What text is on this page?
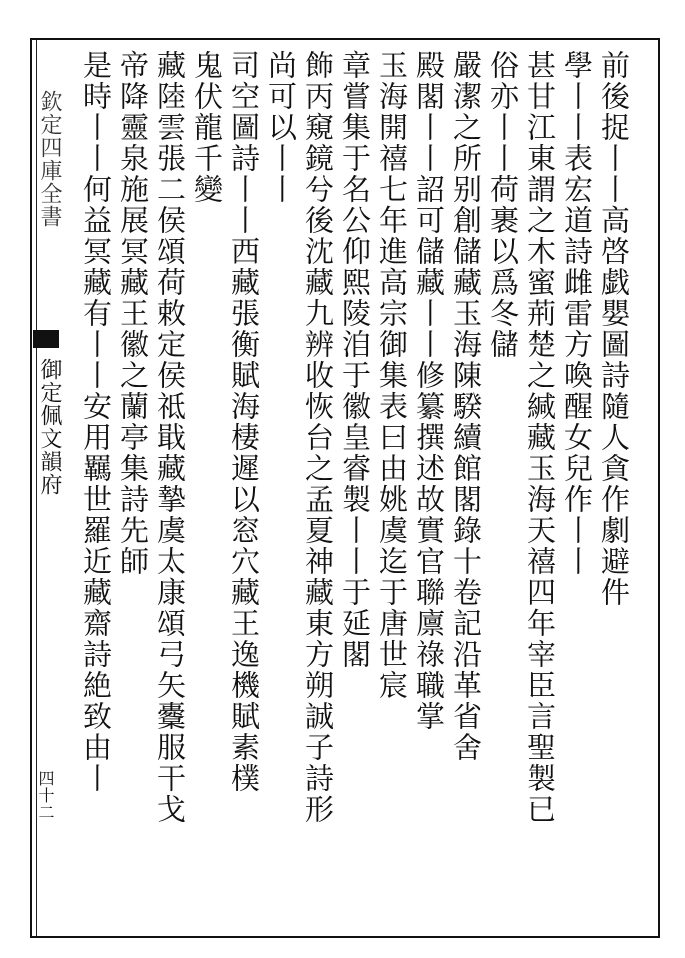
欽定四庫全書
御定佩文韻府
四十二
前後捉丨丨高啓戯嬰圖詩隨人貪作劇避件
學丨丨表宏道詩雌雷方喚醒女兒作丨丨
甚甘江東謂之木蜜荊楚之緘藏玉海天禧四年宰臣言聖製已
俗亦丨丨荷裹以爲冬儲
嚴潔之所别創儲藏玉海陳騤續館閣錄十卷記沿革省舍
殿閣丨丨詔可儲藏丨丨修纂撰述故實官聯廪祿職掌
玉海開禧七年進高宗御集表曰由姚虞迄于唐世宸
章嘗集于名公仰熙陵洎于徽皇睿製丨丨于延閣
飾丙窺鏡兮後沈藏九辨收恢台之孟夏神藏東方朔誠子詩形
尚可以丨丨
司空圖詩丨丨西藏張衡賦海棲遲以窓穴藏王逸機賦素樸
鬼伏龍千變
藏陸雲張二侯頌荷敕定侯祗戢藏摯虞太康頌弓矢櫜服干戈
帝降靈泉施展冥藏王徽之蘭亭集詩先師
是時丨丨何益冥藏有丨丨安用羈世羅近藏齋詩絶致由丨
